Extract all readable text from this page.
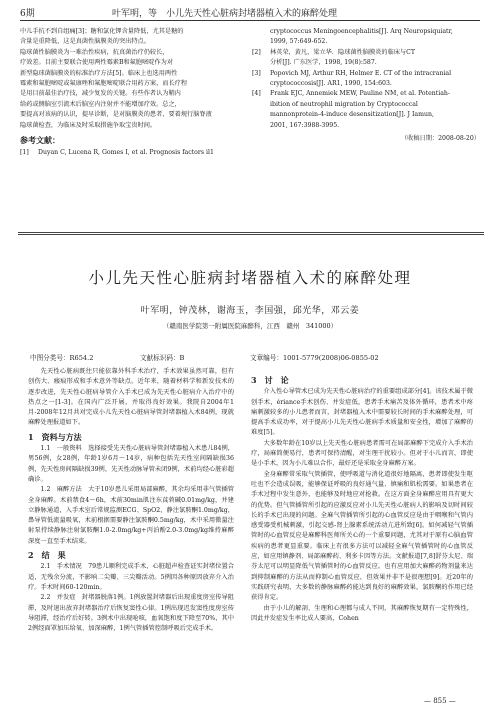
6期	叶军明，等　小儿先天性心脏病封堵器植入术的麻醉处理
中儿手抗不到自组痛[3]；糖和氯化钾含量降低，尤其是糖的
含量是重降低，这是真菌性脑膜炎的突出特点。
隐球菌性脑膜炎为一难治性疾病，抗真菌治疗仍较长，
疗效差。目前主要联合使用两性霉素B和氟胞嘧啶作为对
新型隐球菌脑膜炎的标准治疗方法[5]。临床上也选用两性
霉素和氟胞嘧啶或氟康唑和氟胞嘧啶联合用药方案，而长疗程
是用目前最佳治疗技，减少复发的关键。有些作者认为鞘内
给药或侧脑室引流术后脑室内注射并不能增加疗效。总之，
要提高对该病的认识，提早诊断，是对脑膜炎的患者，要着规行脑脊液
隐球菌检查，为临床及时采取措施争取宝贵时间。
参考文献：
[1]	Duyan C, Lucena R, Gomes I, et al. Prognosis factors il1
cryptococcus Meningoencephalitis[J]. Arq Neuropsiquiatr,
1999, 57:649-652.
[2]	林英荣，黄凡，梁立华．隐球菌性脑膜炎的临床与CT
分析[J]. 广东医学，1998, 19(8):587.
[3]	Popovich MJ, Arthur RH, Helmer E. CT of the intracranial
cryptococcosis[J]. AR1, 1990, 154:603.
[4]	Frank EJC, Annemiek MEW, Pauline NM, et al. Potentiah-
ibition of neutrophil migration by Cryptococcal
mannonprotein-4-induce desensitization[J]. J Iamun,
2001, 167:3988-3995.
（收稿日期：2008-08-20）
小儿先天性心脏病封堵器植入术的麻醉处理
叶军明，钟茂林，谢海玉，李国强，邱光华，邓云姜
（赣南医学院第一附属医院麻醉科，江西　赣州　341000）
中图分类号：R654.2	文献标识码：B	文章编号：1001-5779(2008)06-0855-02

先天性心脏病既往只能依靠外科手术治疗，手术效果虽然可靠，但有创伤大、瘢痕形成和手术意外等缺点。近年来，随着材料学和新发技术的逐步改进，先天性心脏病导管介入手术已成为先天性心脏病介入治疗中的热点之一[1-3]。在国内广泛开展，并取得良好效果。我院自2004年1月-2008年12月共对完成小儿先天性心脏病导管封堵器植入术84例，现就麻醉处理报道如下。

1　资料与方法

1.1　一般资料　选择接受先天性心脏病导管封堵器植入术患儿84例，男56例，女28例，年龄1岁6月～14岁，病种包括先天性室间隔缺损36例，先天性房间隔缺损39例，先天性动脉导管未闭9例，术前均经心脏彩超确诊。

1.2　麻醉方法　大于10岁患儿采用局部麻醉，其余均采用非气管插管全身麻醉。术前禁食4～6h，术前30min肌注东莨菪碱0.01mg/kg，并建立静脉通道，入手术室后常规监测ECG、SpO2，静注氯胺酮1.0mg/kg，鼻导管低流量吸氧，术前根据需要静注氯胺酮0.5mg/kg，术中采用微量注射泵持续静脉注射氯胺酮1.0-2.0mg/kg+丙泊酚2.0-3.0mg/kg维持麻醉深度一直至手术结束。

2　结　果

2.1　手术情况　79患儿顺利完成手术，心脏超声检查证实封堵位置合适，无残余分流，不影响二尖瓣、三尖瓣活动。5例因各种原因放弃介入治疗。手术时间60-120min。

2.2　并发症　封堵器脱落1例。1例放置封堵器后出现重度房室传导阻滞，及时退出放弃封堵器治疗后恢复窦性心律。1例出现迟发窦性度房室传导阻滞，经治疗后好转。3例术中出现呛咳，血氧饱和度下降至70%，其中2例经面罩加压给氧、加深麻醉，1例气管插管控制呼吸后完成手术。

3　讨　论

介入性心导管术已成为先天性心脏病治疗的重要组成部分[4]。该技术属于微创手术，ériance手术创伤、并发症低，患者手术痛苦及体外循环，患者术中疼痛刺激较多的小儿患者而言，封堵器植入术中需要较长时间的手术麻醉处理，可提高手术成功率，对于提高小儿先天性心脏病手术质量和安全性，增加了麻醉的难度[5]。

大多数年龄在10岁以上先天性心脏病患者需可在局部麻醉下完成介入手术治疗，局麻简便易行，患者可保持清醒，对生理干扰较小。但对于小儿而言，即使是小手术，因为小儿难以合作，最好还是采取全身麻醉方案。

全身麻醉常采取气管插管，使呼吸道与消化道很好地隔离，患者即使发生呕吐也不会造成误吸，能够保证呼吸的良好通气量、镇痛和肌松需要。如果患者在手术过程中发生意外，也能够及时地应对抢救。在这方面全身麻醉应用具有更大的优势。但气管插管所引起的应激反应对小儿先天性心脏病人的影响及切时间较长的手术已出现的问题。全麻气管插管所引起的心血管反应是由于咽喉和气管内感受器受机械刺激，引起交感-肾上腺素系统活动亢进所致[6]。如何减轻气管插管时的心血管反应是麻醉科医师所关心的一个重要问题，尤其对于原有心脑血管疾病的患者更显重要。临床上有很多方法可以减轻全麻气管插管时的心血管反应，如应用镇静剂、局部麻醉药、利多卡因等方法。文献报道[7,8]舒芬太尼、瑞芬太尼可以明显降低气管插管时的心血管反应。也有应用加大麻醉药物剂量来达到抑制麻醉的方法从而抑制心血管反应，但效果并非不是很理想[9]。近20年的实践研究表明，大多数的静脉麻醉药能达到良好的麻醉效果，氯胺酮的作用已经获得肯定。

由于小儿的解剖、生理和心理都与成人不同，其麻醉恢复期有一定特殊性，因此并发症发生率比成人要高，Cohen

— 855 —
